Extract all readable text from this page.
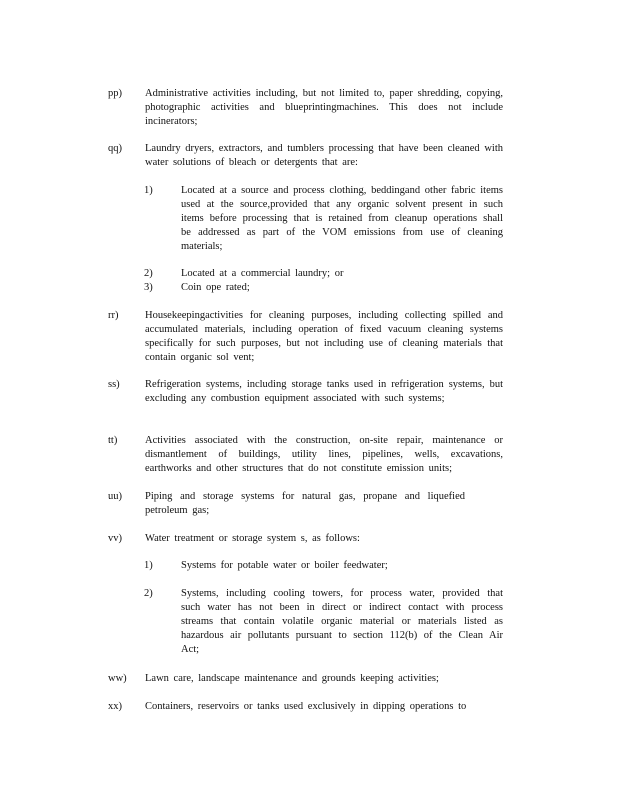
pp) Administrative activities including, but not limited to, paper shredding, copying, photographic activities and blueprintingmachines. This does not include incinerators;
qq) Laundry dryers, extractors, and tumblers processing that have been cleaned with water solutions of bleach or detergents that are:
1)	Located at a source and process clothing, beddingand other fabric items used at the source,provided that any organic solvent present in such items before processing that is retained from cleanup operations shall be addressed as part of the VOM emissions from use of cleaning materials;
2)	Located at a commercial laundry; or
3)	Coin ope rated;
rr)	Housekeepingactivities for cleaning purposes, including collecting spilled and accumulated materials, including operation of fixed vacuum cleaning systems specifically for such purposes, but not including use of cleaning materials that contain organic sol vent;
ss) Refrigeration systems, including storage tanks used in refrigeration systems, but excluding any combustion equipment associated with such systems;
tt)	Activities associated with the construction, on-site repair, maintenance or dismantlement of buildings, utility lines, pipelines, wells, excavations, earthworks and other structures that do not constitute emission units;
uu) Piping and storage systems for natural gas, propane and liquefied petroleum gas;
vv) Water treatment or storage system s, as follows:
1)	Systems for potable water or boiler feedwater;
2)	Systems, including cooling towers, for process water, provided that such water has not been in direct or indirect contact with process streams that contain volatile organic material or materials listed as hazardous air pollutants pursuant to section 112(b) of the Clean Air Act;
ww) Lawn care, landscape maintenance and grounds keeping activities;
xx) Containers, reservoirs or tanks used exclusively in dipping operations to
